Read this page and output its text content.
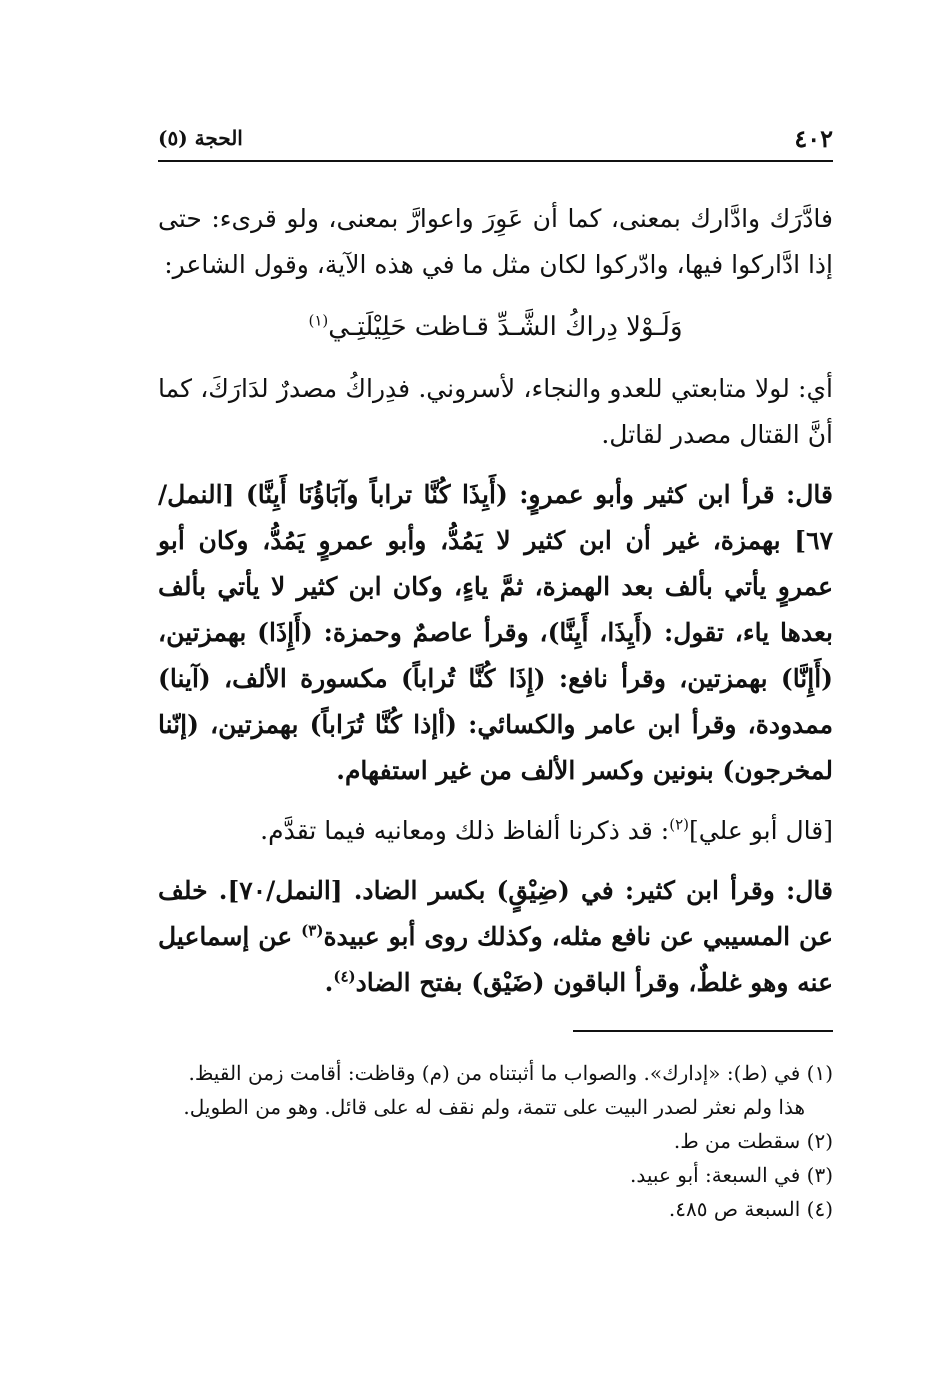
٤٠٢
الحجة (٥)

فادَّرَك وادَّارك بمعنى، كما أن عَوِرَ واعوارَّ بمعنى، ولو قرىء: حتى إذا ادَّاركوا فيها، وادّركوا لكان مثل ما في هذه الآية، وقول الشاعر:

وَلَـوْلا دِراكُ الشَّـدِّ قـاظت حَلِيْلَتِـي$^{(١)}$

أي: لولا متابعتي للعدو والنجاء، لأسروني. فدِراكُ مصدرٌ لدَارَكَ، كما أنَّ القتال مصدر لقاتل.

قال: قرأ ابن كثير وأبو عمروٍ: (أَيِذَا كُنَّا تراباً وآبَاؤُنَا أَيِنَّا) [النمل/٦٧] بهمزة، غير أن ابن كثير لا يَمُدُّ، وأبو عمروٍ يَمُدُّ، وكان أبو عمروٍ يأتي بألف بعد الهمزة، ثمَّ ياءٍ، وكان ابن كثير لا يأتي بألف بعدها ياء، تقول: (أَيِذَا، أَيِنَّا)، وقرأ عاصمٌ وحمزة: (أَإِذَا) بهمزتين، (أَإِنَّا) بهمزتين، وقرأ نافع: (إِذَا كُنَّا تُراباً) مكسورة الألف، (آينا) ممدودة، وقرأ ابن عامر والكسائي: (أإذا كُنَّا تُرَاباً) بهمزتين، (إنّنا لمخرجون) بنونين وكسر الألف من غير استفهام.

[قال أبو علي]$^{(٢)}$: قد ذكرنا ألفاظ ذلك ومعانيه فيما تقدَّم.

قال: وقرأ ابن كثير: في (ضِيْقٍ) بكسر الضاد. [النمل/٧٠]. خلف عن المسيبي عن نافع مثله، وكذلك روى أبو عبيدة$^{(٣)}$ عن إسماعيل عنه وهو غلطٌ، وقرأ الباقون (ضَيْق) بفتح الضاد$^{(٤)}$.

(١) في (ط): «إدارك». والصواب ما أثبتناه من (م) وقاظت: أقامت زمن القيظ.

هذا ولم نعثر لصدر البيت على تتمة، ولم نقف له على قائل. وهو من الطويل.

(٢) سقطت من ط.

(٣) في السبعة: أبو عبيد.

(٤) السبعة ص ٤٨٥.
